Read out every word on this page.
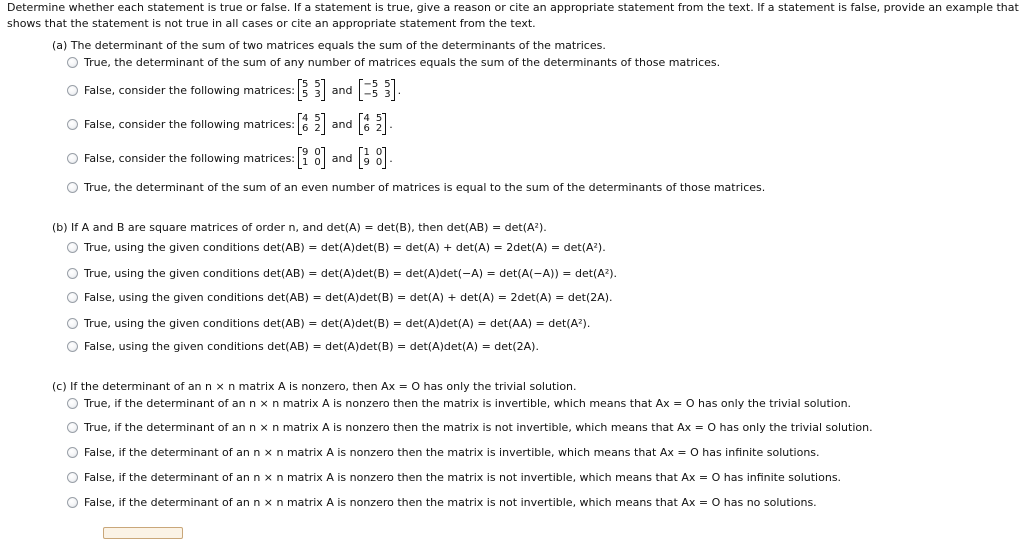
Determine whether each statement is true or false. If a statement is true, give a reason or cite an appropriate statement from the text. If a statement is false, provide an example that shows that the statement is not true in all cases or cite an appropriate statement from the text.
(a) The determinant of the sum of two matrices equals the sum of the determinants of the matrices.
True, the determinant of the sum of any number of matrices equals the sum of the determinants of those matrices.
False, consider the following matrices: 5 5
5 3 and −5 5
−5 3 .
False, consider the following matrices: 4 5
6 2 and 4 5
6 2 .
False, consider the following matrices: 9 0
1 0 and 1 0
9 0 .
True, the determinant of the sum of an even number of matrices is equal to the sum of the determinants of those matrices.
(b) If A and B are square matrices of order n, and det(A) = det(B), then det(AB) = det(A²).
True, using the given conditions det(AB) = det(A)det(B) = det(A) + det(A) = 2det(A) = det(A²).
True, using the given conditions det(AB) = det(A)det(B) = det(A)det(−A) = det(A(−A)) = det(A²).
False, using the given conditions det(AB) = det(A)det(B) = det(A) + det(A) = 2det(A) = det(2A).
True, using the given conditions det(AB) = det(A)det(B) = det(A)det(A) = det(AA) = det(A²).
False, using the given conditions det(AB) = det(A)det(B) = det(A)det(A) = det(2A).
(c) If the determinant of an n × n matrix A is nonzero, then Ax = O has only the trivial solution.
True, if the determinant of an n × n matrix A is nonzero then the matrix is invertible, which means that Ax = O has only the trivial solution.
True, if the determinant of an n × n matrix A is nonzero then the matrix is not invertible, which means that Ax = O has only the trivial solution.
False, if the determinant of an n × n matrix A is nonzero then the matrix is invertible, which means that Ax = O has infinite solutions.
False, if the determinant of an n × n matrix A is nonzero then the matrix is not invertible, which means that Ax = O has infinite solutions.
False, if the determinant of an n × n matrix A is nonzero then the matrix is not invertible, which means that Ax = O has no solutions.
